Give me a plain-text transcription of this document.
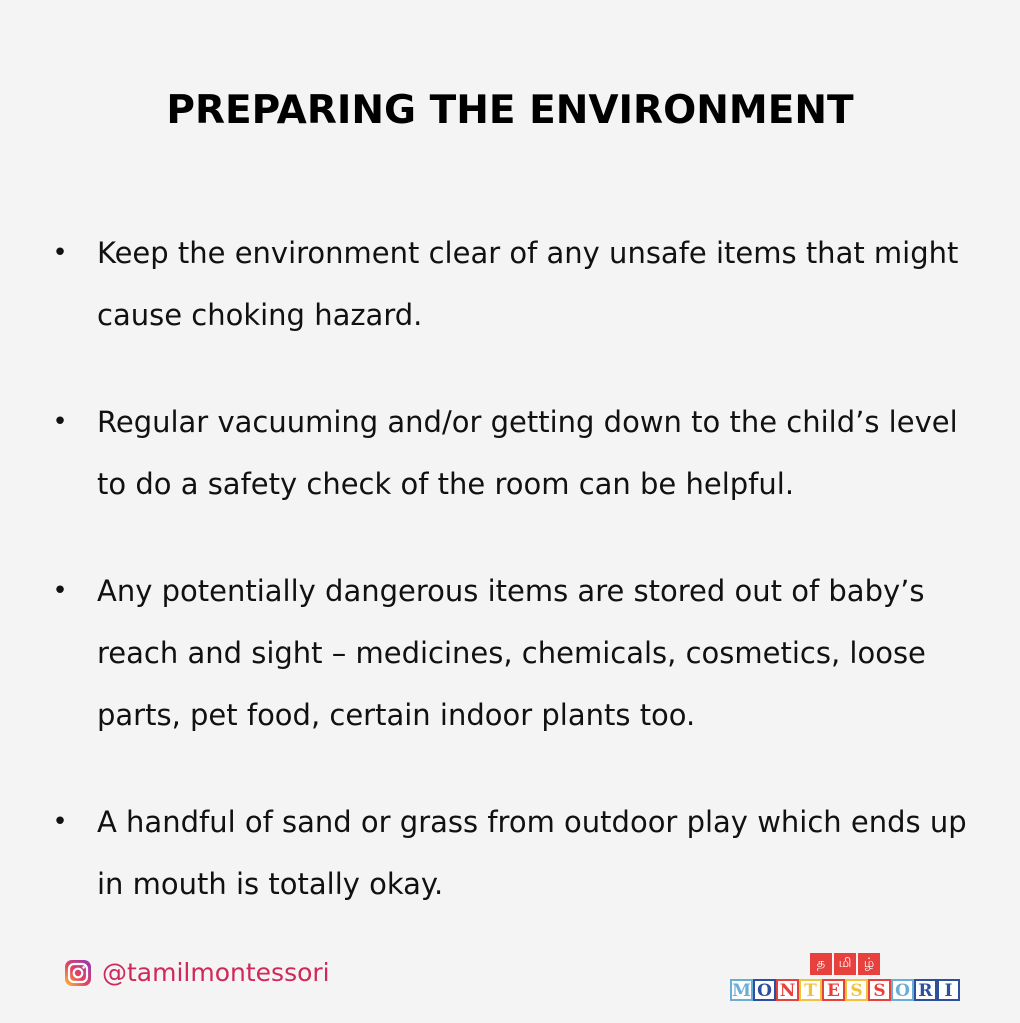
PREPARING THE ENVIRONMENT
• Keep the environment clear of any unsafe items that might cause choking hazard.
• Regular vacuuming and/or getting down to the child’s level to do a safety check of the room can be helpful.
• Any potentially dangerous items are stored out of baby’s reach and sight – medicines, chemicals, cosmetics, loose parts, pet food, certain indoor plants too.
• A handful of sand or grass from outdoor play which ends up in mouth is totally okay.
@tamilmontessori	த	மி ழ்
M O N T E S S O R I
